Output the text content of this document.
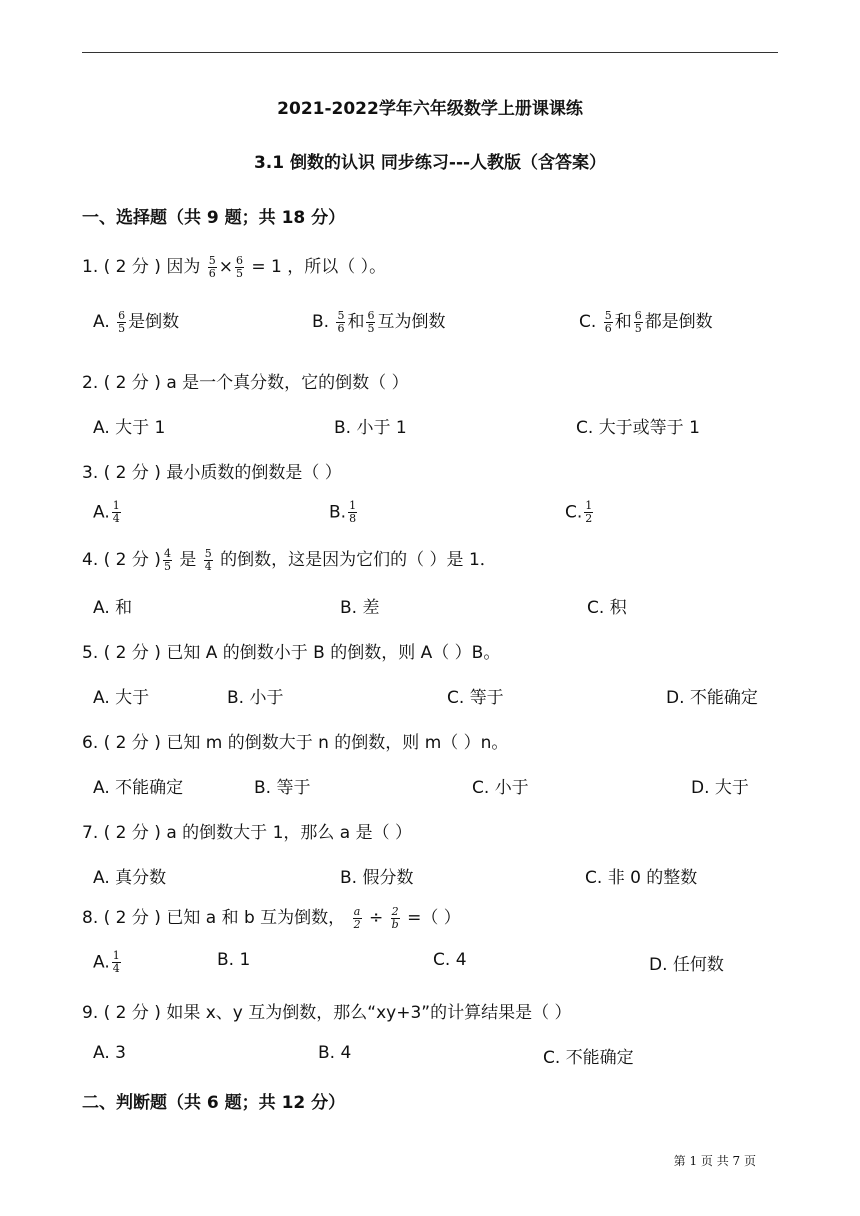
2021-2022学年六年级数学上册课课练
3.1 倒数的认识 同步练习---人教版（含答案）
一、选择题（共 9 题；共 18 分）
1. ( 2 分 ) 因为 $\frac{5}{6} \times \frac{6}{5} = 1$ ，所以（ ）。
A. $\frac{6}{5}$ 是倒数	B. $\frac{5}{6}$ 和 $\frac{6}{5}$ 互为倒数	C. $\frac{5}{6}$ 和 $\frac{6}{5}$ 都是倒数
2. ( 2 分 ) a 是一个真分数，它的倒数（ ）
A. 大于 1	B. 小于 1	C. 大于或等于 1
3. ( 2 分 ) 最小质数的倒数是（ ）
A. $\frac{1}{4}$	B. $\frac{1}{8}$	C. $\frac{1}{2}$
4. ( 2 分 ) $\frac{4}{5}$ 是 $\frac{5}{4}$ 的倒数，这是因为它们的（ ）是 1．
A. 和	B. 差	C. 积
5. ( 2 分 ) 已知 A 的倒数小于 B 的倒数，则 A（ ）B。
A. 大于	B. 小于	C. 等于	D. 不能确定
6. ( 2 分 ) 已知 m 的倒数大于 n 的倒数，则 m（ ）n。
A. 不能确定	B. 等于	C. 小于	D. 大于
7. ( 2 分 ) a 的倒数大于 1，那么 a 是（ ）
A. 真分数	B. 假分数	C. 非 0 的整数
8. ( 2 分 ) 已知 a 和 b 互为倒数， $\frac{a}{2} \div \frac{2}{b}$ =（ ）
A. $\frac{1}{4}$	B. 1	C. 4	D. 任何数
9. ( 2 分 ) 如果 x、y 互为倒数，那么“xy+3”的计算结果是（ ）
A. 3	B. 4	C. 不能确定
二、判断题（共 6 题；共 12 分）
第 1 页 共 7 页
